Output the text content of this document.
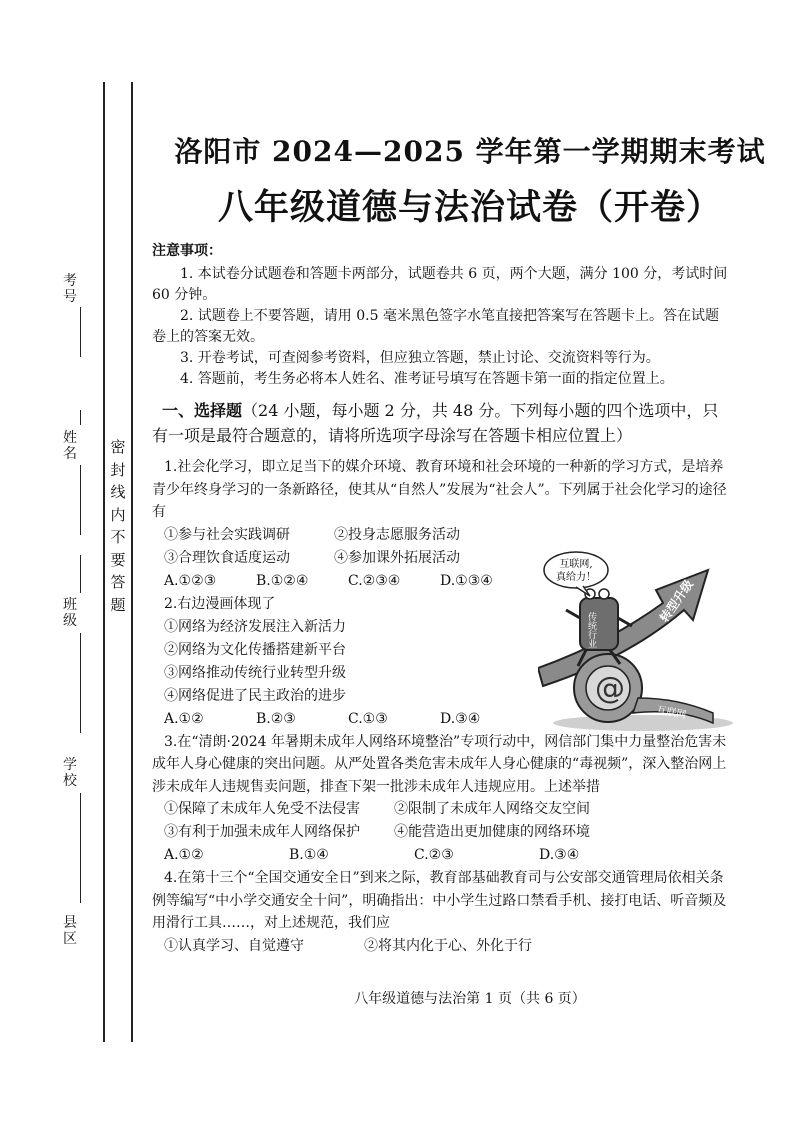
密封线内不要答题
考号
姓名
班级
学校
县区
洛阳市 2024—2025 学年第一学期期末考试
八年级道德与法治试卷（开卷）

注意事项：

1. 本试卷分试题卷和答题卡两部分，试题卷共 6 页，两个大题，满分 100 分，考试时间 60 分钟。

2. 试题卷上不要答题，请用 0.5 毫米黑色签字水笔直接把答案写在答题卡上。答在试题卷上的答案无效。

3. 开卷考试，可查阅参考资料，但应独立答题，禁止讨论、交流资料等行为。

4. 答题前，考生务必将本人姓名、准考证号填写在答题卡第一面的指定位置上。

一、选择题（24 小题，每小题 2 分，共 48 分。下列每小题的四个选项中，只有一项是最符合题意的，请将所选项字母涂写在答题卡相应位置上）

1.社会化学习，即立足当下的媒介环境、教育环境和社会环境的一种新的学习方式，是培养青少年终身学习的一条新路径，使其从“自然人”发展为“社会人”。下列属于社会化学习的途径有

①参与社会实践调研	②投身志愿服务活动
③合理饮食适度运动	④参加课外拓展活动
A.①②③	B.①②④	C.②③④	D.①③④

2.右边漫画体现了

①网络为经济发展注入新活力

②网络为文化传播搭建新平台

③网络推动传统行业转型升级

④网络促进了民主政治的进步

A.①②	B.②③	C.①③	D.③④

3.在“清朗·2024 年暑期未成年人网络环境整治”专项行动中，网信部门集中力量整治危害未成年人身心健康的突出问题。从严处置各类危害未成年人身心健康的“毒视频”，深入整治网上涉未成年人违规售卖问题，排查下架一批涉未成年人违规应用。上述举措

①保障了未成年人免受不法侵害	②限制了未成年人网络交友空间
③有利于加强未成年人网络保护	④能营造出更加健康的网络环境
A.①②	B.①④	C.②③	D.③④

4.在第十三个“全国交通安全日”到来之际，教育部基础教育司与公安部交通管理局依相关条例等编写“中小学交通安全十问”，明确指出：中小学生过路口禁看手机、接打电话、听音频及用滑行工具……，对上述规范，我们应

①认真学习、自觉遵守	②将其内化于心、外化于行
转型升级
@
互联网
传统行业
互联网,
真给力！
八年级道德与法治第 1 页（共 6 页）
